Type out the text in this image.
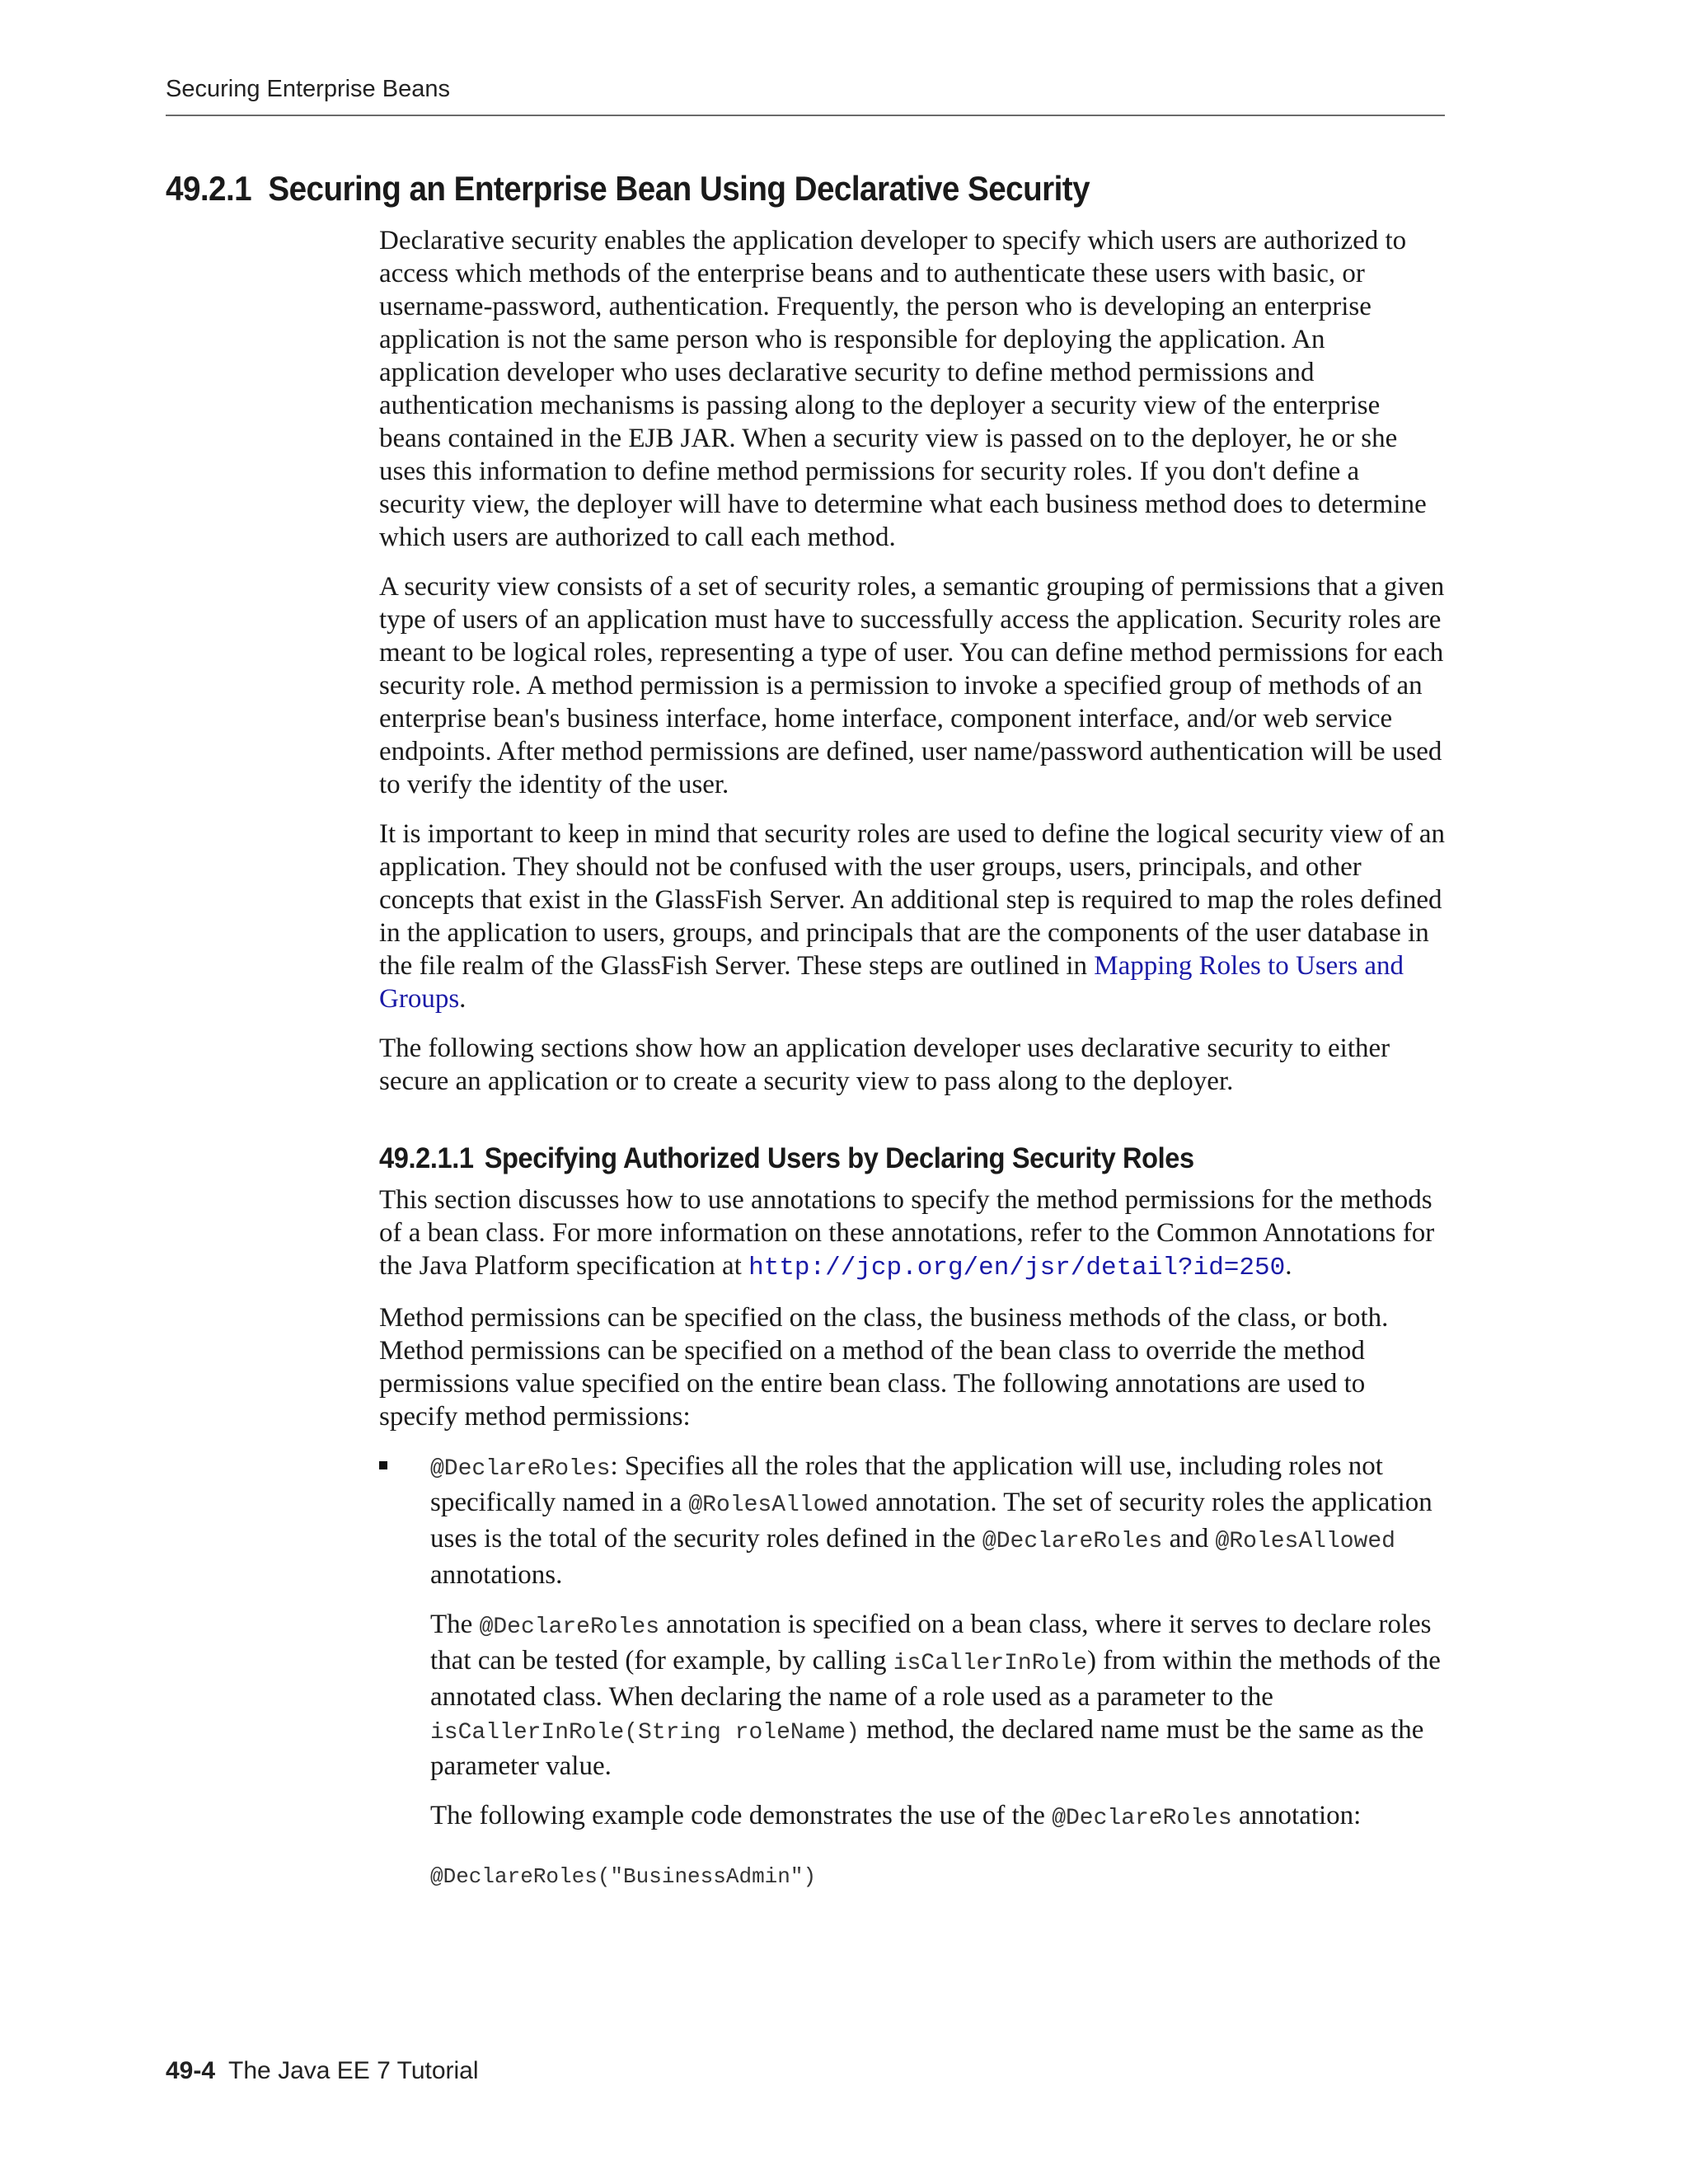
Securing Enterprise Beans
49.2.1 Securing an Enterprise Bean Using Declarative Security

Declarative security enables the application developer to specify which users are authorized to access which methods of the enterprise beans and to authenticate these users with basic, or username-password, authentication. Frequently, the person who is developing an enterprise application is not the same person who is responsible for deploying the application. An application developer who uses declarative security to define method permissions and authentication mechanisms is passing along to the deployer a security view of the enterprise beans contained in the EJB JAR. When a security view is passed on to the deployer, he or she uses this information to define method permissions for security roles. If you don't define a security view, the deployer will have to determine what each business method does to determine which users are authorized to call each method.

A security view consists of a set of security roles, a semantic grouping of permissions that a given type of users of an application must have to successfully access the application. Security roles are meant to be logical roles, representing a type of user. You can define method permissions for each security role. A method permission is a permission to invoke a specified group of methods of an enterprise bean's business interface, home interface, component interface, and/or web service endpoints. After method permissions are defined, user name/password authentication will be used to verify the identity of the user.

It is important to keep in mind that security roles are used to define the logical security view of an application. They should not be confused with the user groups, users, principals, and other concepts that exist in the GlassFish Server. An additional step is required to map the roles defined in the application to users, groups, and principals that are the components of the user database in the file realm of the GlassFish Server. These steps are outlined in Mapping Roles to Users and Groups.

The following sections show how an application developer uses declarative security to either secure an application or to create a security view to pass along to the deployer.

49.2.1.1 Specifying Authorized Users by Declaring Security Roles

This section discusses how to use annotations to specify the method permissions for the methods of a bean class. For more information on these annotations, refer to the Common Annotations for the Java Platform specification at http://jcp.org/en/jsr/detail?id=250.

Method permissions can be specified on the class, the business methods of the class, or both. Method permissions can be specified on a method of the bean class to override the method permissions value specified on the entire bean class. The following annotations are used to specify method permissions:

@DeclareRoles: Specifies all the roles that the application will use, including roles not specifically named in a @RolesAllowed annotation. The set of security roles the application uses is the total of the security roles defined in the @DeclareRoles and @RolesAllowed annotations.

The @DeclareRoles annotation is specified on a bean class, where it serves to declare roles that can be tested (for example, by calling isCallerInRole) from within the methods of the annotated class. When declaring the name of a role used as a parameter to the isCallerInRole(String roleName) method, the declared name must be the same as the parameter value.

The following example code demonstrates the use of the @DeclareRoles annotation:

@DeclareRoles("BusinessAdmin")
49-4 The Java EE 7 Tutorial
